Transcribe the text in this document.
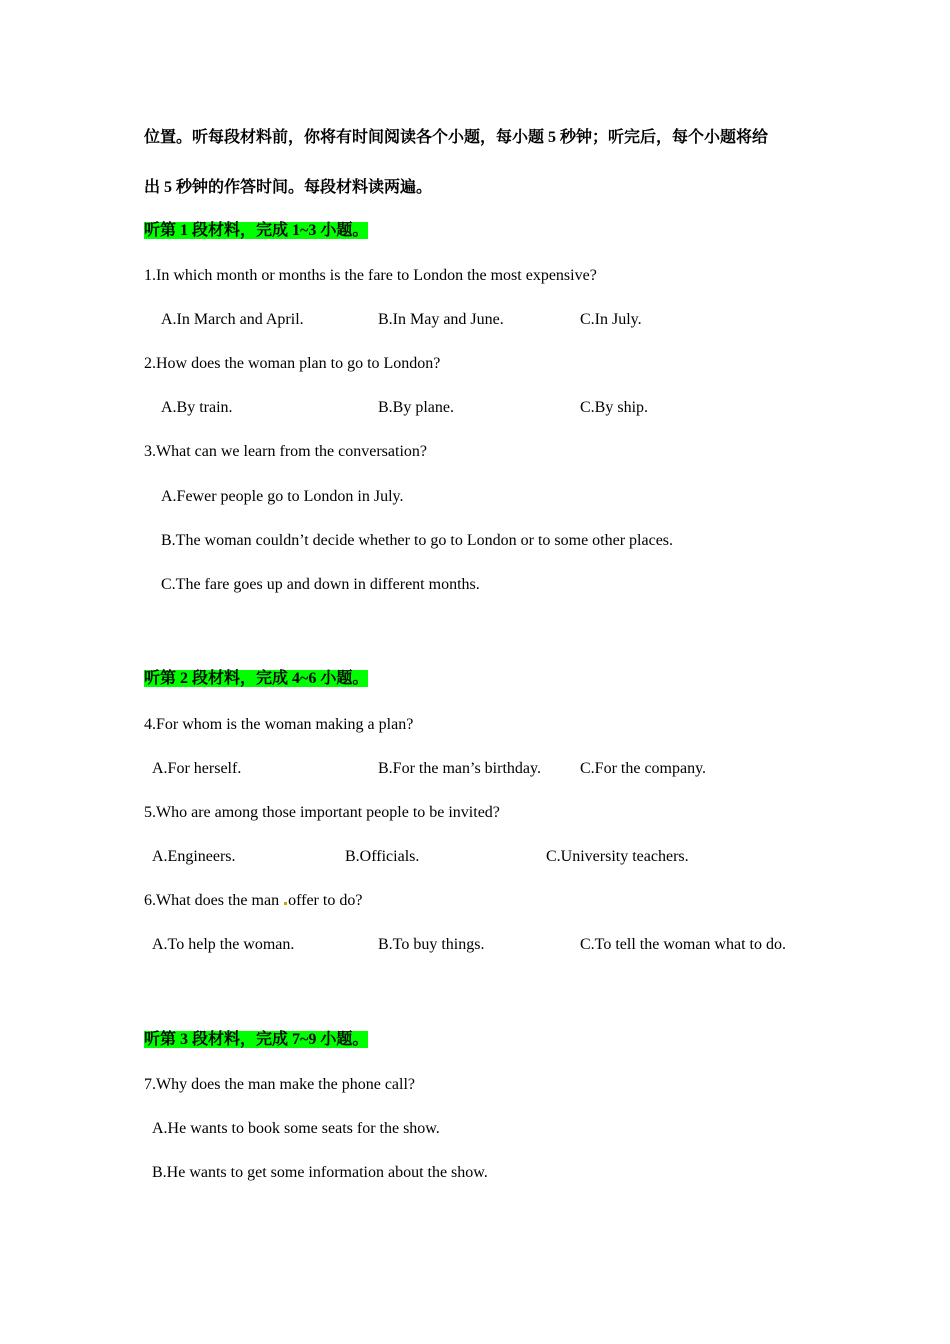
位置。听每段材料前，你将有时间阅读各个小题，每小题 5 秒钟；听完后，每个小题将给
出 5 秒钟的作答时间。每段材料读两遍。
听第 1 段材料，完成 1~3 小题。
1.In which month or months is the fare to London the most expensive?
A.In March and April.	B.In May and June.	C.In July.
2.How does the woman plan to go to London?
A.By train.	B.By plane.	C.By ship.
3.What can we learn from the conversation?
A.Fewer people go to London in July.
B.The woman couldn’t decide whether to go to London or to some other places.
C.The fare goes up and down in different months.
听第 2 段材料，完成 4~6 小题。
4.For whom is the woman making a plan?
A.For herself.	B.For the man’s birthday. C.For the company.
5.Who are among those important people to be invited?
A.Engineers.	B.Officials.	C.University teachers.
6.What does the man offer to do?
A.To help the woman.	B.To buy things.	C.To tell the woman what to do.
听第 3 段材料，完成 7~9 小题。
7.Why does the man make the phone call?
A.He wants to book some seats for the show.
B.He wants to get some information about the show.
